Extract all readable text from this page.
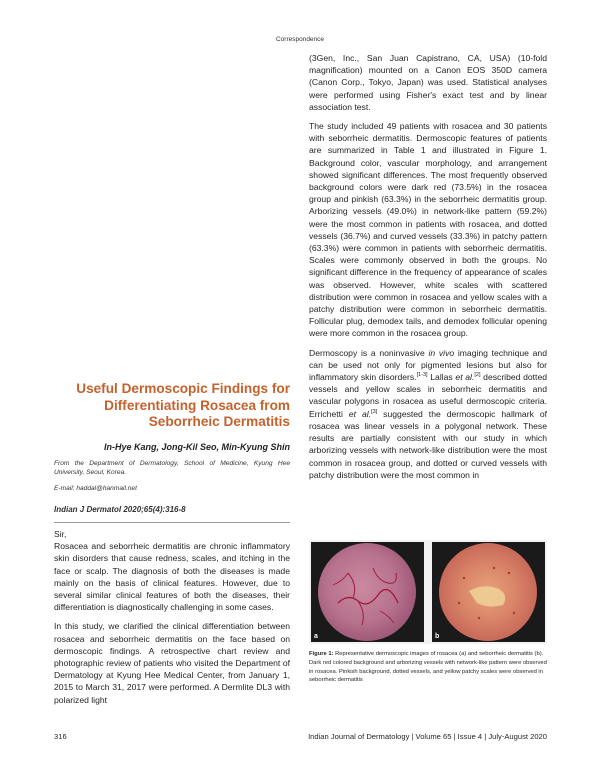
Correspondence

(3Gen, Inc., San Juan Capistrano, CA, USA) (10-fold magnification) mounted on a Canon EOS 350D camera (Canon Corp., Tokyo, Japan) was used. Statistical analyses were performed using Fisher's exact test and by linear association test.

The study included 49 patients with rosacea and 30 patients with seborrheic dermatitis. Dermoscopic features of patients are summarized in Table 1 and illustrated in Figure 1. Background color, vascular morphology, and arrangement showed significant differences. The most frequently observed background colors were dark red (73.5%) in the rosacea group and pinkish (63.3%) in the seborrheic dermatitis group. Arborizing vessels (49.0%) in network-like pattern (59.2%) were the most common in patients with rosacea, and dotted vessels (36.7%) and curved vessels (33.3%) in patchy pattern (63.3%) were common in patients with seborrheic dermatitis. Scales were commonly observed in both the groups. No significant difference in the frequency of appearance of scales was observed. However, white scales with scattered distribution were common in rosacea and yellow scales with a patchy distribution were common in seborrheic dermatitis. Follicular plug, demodex tails, and demodex follicular opening were more common in the rosacea group.

Dermoscopy is a noninvasive in vivo imaging technique and can be used not only for pigmented lesions but also for inflammatory skin disorders.[1-3] Lallas et al.[2] described dotted vessels and yellow scales in seborrheic dermatitis and vascular polygons in rosacea as useful dermoscopic criteria. Errichetti et al.[3] suggested the dermoscopic hallmark of rosacea was linear vessels in a polygonal network. These results are partially consistent with our study in which arborizing vessels with network-like distribution were the most common in rosacea group, and dotted or curved vessels with patchy distribution were the most common in

Useful Dermoscopic Findings for Differentiating Rosacea from Seborrheic Dermatitis
In-Hye Kang, Jong-Kil Seo, Min-Kyung Shin

From the Department of Dermatology, School of Medicine, Kyung Hee University, Seoul, Korea.

E-mail: haddal@hanmail.net

Indian J Dermatol 2020;65(4):316-8

Sir,

Rosacea and seborrheic dermatitis are chronic inflammatory skin disorders that cause redness, scales, and itching in the face or scalp. The diagnosis of both the diseases is made mainly on the basis of clinical features. However, due to several similar clinical features of both the diseases, their differentiation is diagnostically challenging in some cases.

In this study, we clarified the clinical differentiation between rosacea and seborrheic dermatitis on the face based on dermoscopic findings. A retrospective chart review and photographic review of patients who visited the Department of Dermatology at Kyung Hee Medical Center, from January 1, 2015 to March 31, 2017 were performed. A Dermlite DL3 with polarized light

a	b
Figure 1: Representative dermoscopic images of rosacea (a) and seborrheic dermatitis (b). Dark red colored background and arborizing vessels with network-like pattern were observed in rosacea. Pinkish background, dotted vessels, and yellow patchy scales were observed in seborrheic dermatitis
316	Indian Journal of Dermatology | Volume 65 | Issue 4 | July-August 2020
